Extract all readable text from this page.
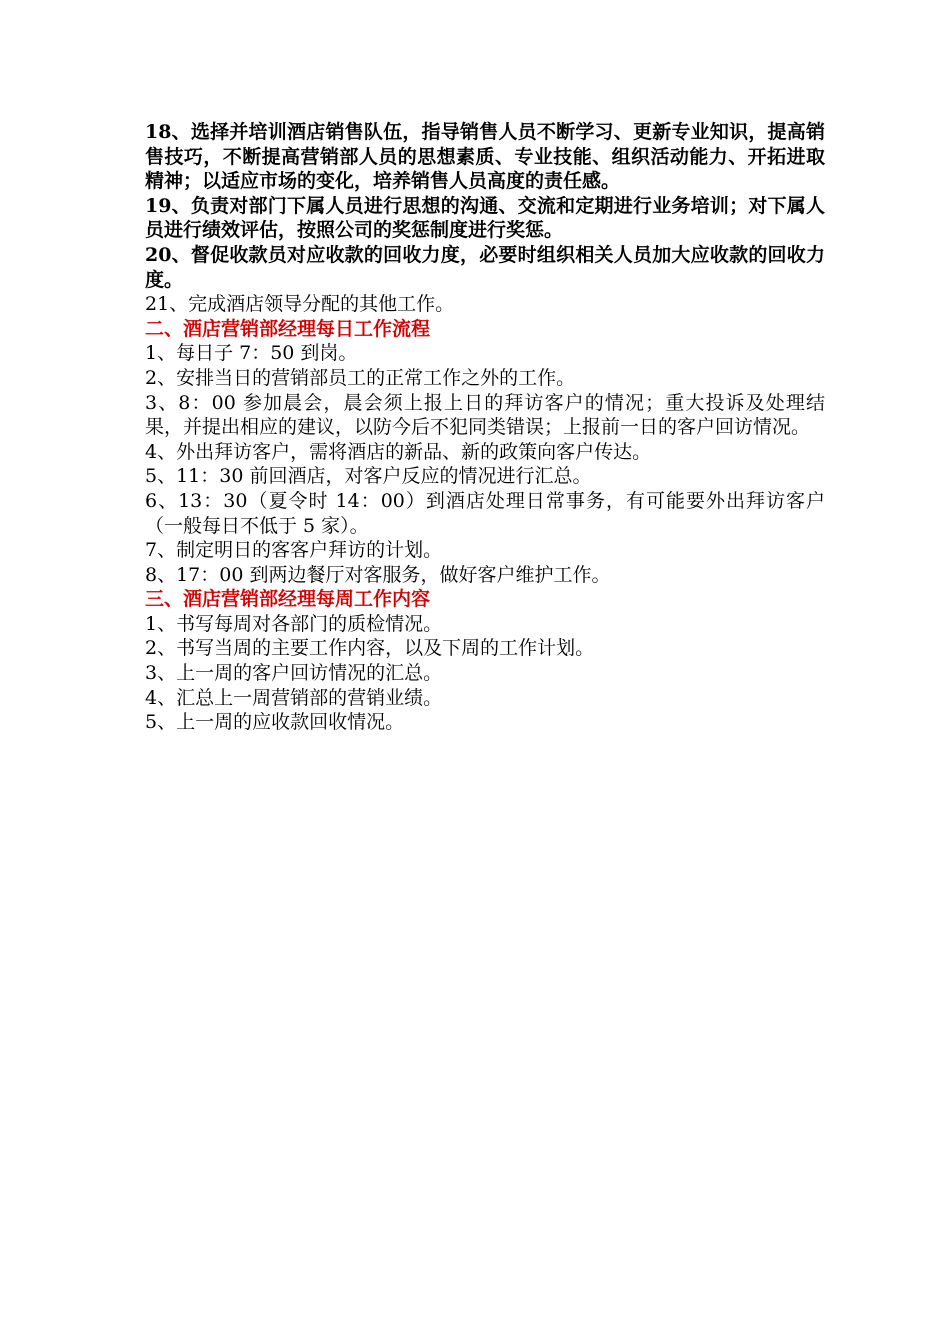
18、选择并培训酒店销售队伍，指导销售人员不断学习、更新专业知识，提高销售技巧，不断提高营销部人员的思想素质、专业技能、组织活动能力、开拓进取精神；以适应市场的变化，培养销售人员高度的责任感。

19、负责对部门下属人员进行思想的沟通、交流和定期进行业务培训；对下属人员进行绩效评估，按照公司的奖惩制度进行奖惩。

20、督促收款员对应收款的回收力度，必要时组织相关人员加大应收款的回收力度。

21、完成酒店领导分配的其他工作。

二、酒店营销部经理每日工作流程

1、每日子 7：50 到岗。

2、安排当日的营销部员工的正常工作之外的工作。

3、8：00 参加晨会，晨会须上报上日的拜访客户的情况；重大投诉及处理结果，并提出相应的建议，以防今后不犯同类错误；上报前一日的客户回访情况。

4、外出拜访客户，需将酒店的新品、新的政策向客户传达。

5、11：30 前回酒店，对客户反应的情况进行汇总。

6、13：30（夏令时 14：00）到酒店处理日常事务，有可能要外出拜访客户（一般每日不低于 5 家）。

7、制定明日的客客户拜访的计划。

8、17：00 到两边餐厅对客服务，做好客户维护工作。

三、酒店营销部经理每周工作内容

1、书写每周对各部门的质检情况。

2、书写当周的主要工作内容，以及下周的工作计划。

3、上一周的客户回访情况的汇总。

4、汇总上一周营销部的营销业绩。

5、上一周的应收款回收情况。
